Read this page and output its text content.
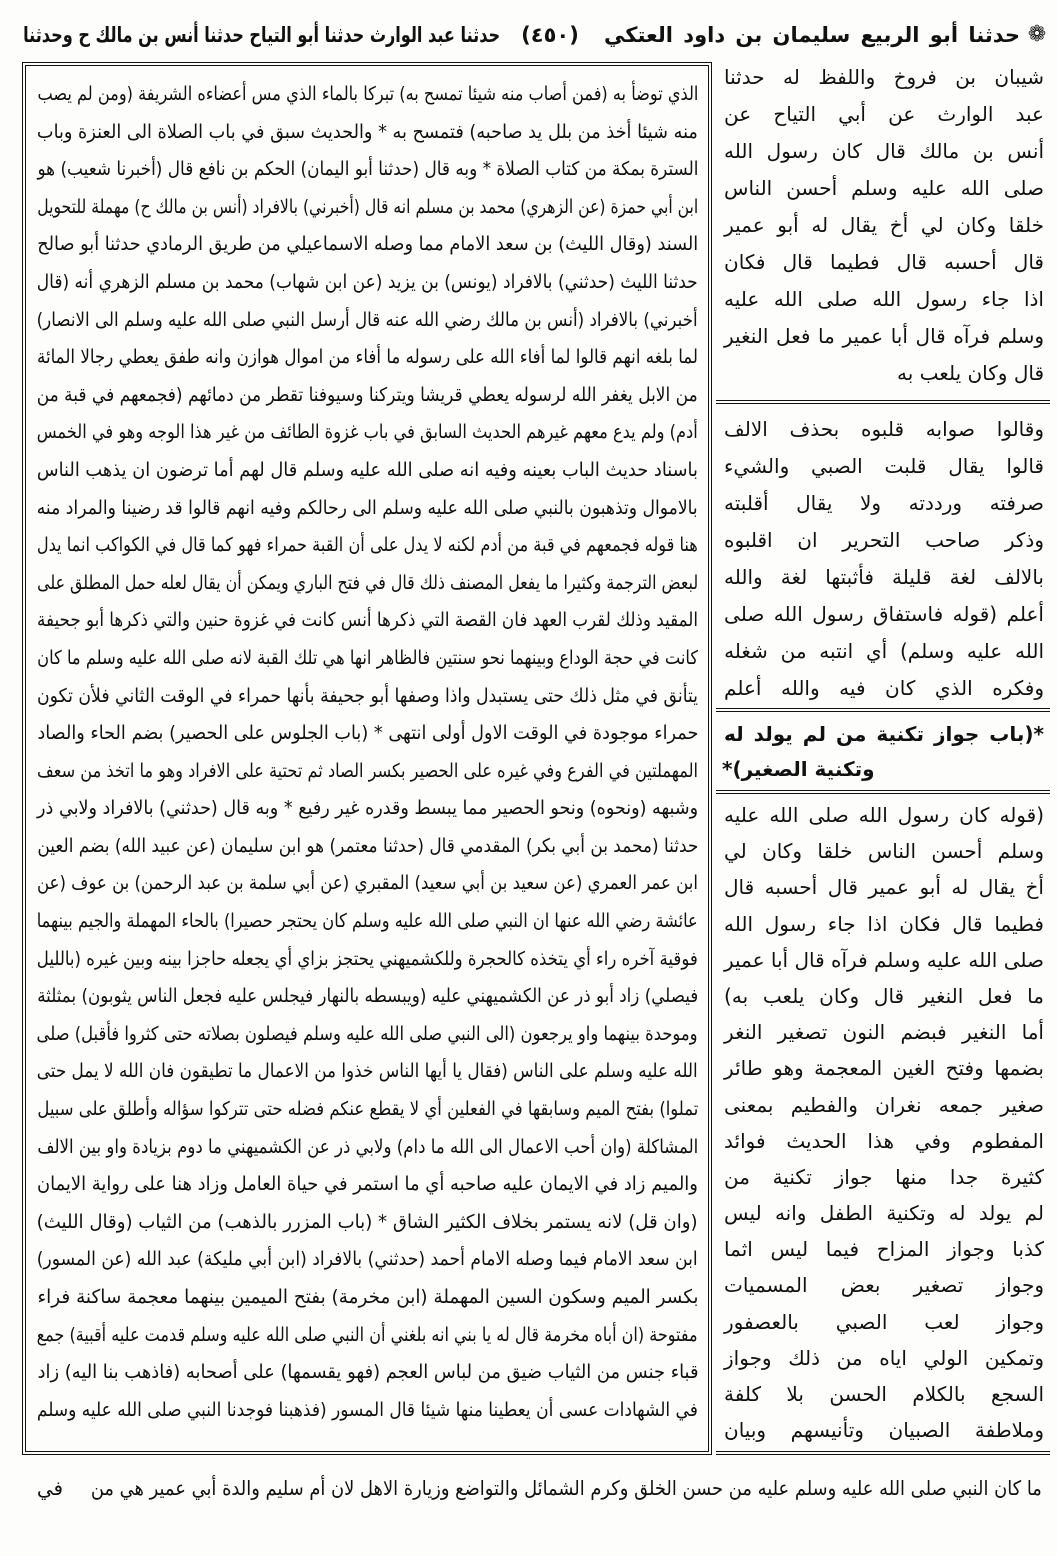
❁
حدثنا أبو الربيع سليمان بن داود العتكي
(٤٥٠)
حدثنا عبد الوارث حدثنا أبو التياح حدثنا أنس بن مالك ح وحدثنا
الذي توضأ به (فمن أصاب منه شيئا تمسح به) تبركا بالماء الذي مس أعضاءه الشريفة (ومن لم يصب
منه شيئا أخذ من بلل يد صاحبه) فتمسح به * والحديث سبق في باب الصلاة الى العنزة وباب
السترة بمكة من كتاب الصلاة * وبه قال (حدثنا أبو اليمان) الحكم بن نافع قال (أخبرنا شعيب) هو
ابن أبي حمزة (عن الزهري) محمد بن مسلم انه قال (أخبرني) بالافراد (أنس بن مالك ح) مهملة للتحويل
السند (وقال الليث) بن سعد الامام مما وصله الاسماعيلي من طريق الرمادي حدثنا أبو صالح
حدثنا الليث (حدثني) بالافراد (يونس) بن يزيد (عن ابن شهاب) محمد بن مسلم الزهري أنه (قال
أخبرني) بالافراد (أنس بن مالك رضي الله عنه قال أرسل النبي صلى الله عليه وسلم الى الانصار)
لما بلغه انهم قالوا لما أفاء الله على رسوله ما أفاء من اموال هوازن وانه طفق يعطي رجالا المائة
من الابل يغفر الله لرسوله يعطي قريشا ويتركنا وسيوفنا تقطر من دمائهم (فجمعهم في قبة من
أدم) ولم يدع معهم غيرهم الحديث السابق في باب غزوة الطائف من غير هذا الوجه وهو في الخمس
باسناد حديث الباب بعينه وفيه انه صلى الله عليه وسلم قال لهم أما ترضون ان يذهب الناس
بالاموال وتذهبون بالنبي صلى الله عليه وسلم الى رحالكم وفيه انهم قالوا قد رضينا والمراد منه
هنا قوله فجمعهم في قبة من أدم لكنه لا يدل على أن القبة حمراء فهو كما قال في الكواكب انما يدل
لبعض الترجمة وكثيرا ما يفعل المصنف ذلك قال في فتح الباري ويمكن أن يقال لعله حمل المطلق على
المقيد وذلك لقرب العهد فان القصة التي ذكرها أنس كانت في غزوة حنين والتي ذكرها أبو جحيفة
كانت في حجة الوداع وبينهما نحو سنتين فالظاهر انها هي تلك القبة لانه صلى الله عليه وسلم ما كان
يتأنق في مثل ذلك حتى يستبدل واذا وصفها أبو جحيفة بأنها حمراء في الوقت الثاني فلأن تكون
حمراء موجودة في الوقت الاول أولى انتهى * (باب الجلوس على الحصير) بضم الحاء والصاد
المهملتين في الفرع وفي غيره على الحصير بكسر الصاد ثم تحتية على الافراد وهو ما اتخذ من سعف
وشبهه (ونحوه) ونحو الحصير مما يبسط وقدره غير رفيع * وبه قال (حدثني) بالافراد ولابي ذر
حدثنا (محمد بن أبي بكر) المقدمي قال (حدثنا معتمر) هو ابن سليمان (عن عبيد الله) بضم العين
ابن عمر العمري (عن سعيد بن أبي سعيد) المقبري (عن أبي سلمة بن عبد الرحمن) بن عوف (عن
عائشة رضي الله عنها ان النبي صلى الله عليه وسلم كان يحتجر حصيرا) بالحاء المهملة والجيم بينهما
فوقية آخره راء أي يتخذه كالحجرة وللكشميهني يحتجز بزاي أي يجعله حاجزا بينه وبين غيره (بالليل
فيصلي) زاد أبو ذر عن الكشميهني عليه (ويبسطه بالنهار فيجلس عليه فجعل الناس يثوبون) بمثلثة
وموحدة بينهما واو يرجعون (الى النبي صلى الله عليه وسلم فيصلون بصلاته حتى كثروا فأقبل) صلى
الله عليه وسلم على الناس (فقال يا أيها الناس خذوا من الاعمال ما تطيقون فان الله لا يمل حتى
تملوا) بفتح الميم وسابقها في الفعلين أي لا يقطع عنكم فضله حتى تتركوا سؤاله وأطلق على سبيل
المشاكلة (وان أحب الاعمال الى الله ما دام) ولابي ذر عن الكشميهني ما دوم بزيادة واو بين الالف
والميم زاد في الايمان عليه صاحبه أي ما استمر في حياة العامل وزاد هنا على رواية الايمان
(وان قل) لانه يستمر بخلاف الكثير الشاق * (باب المزرر بالذهب) من الثياب (وقال الليث)
ابن سعد الامام فيما وصله الامام أحمد (حدثني) بالافراد (ابن أبي مليكة) عبد الله (عن المسور)
بكسر الميم وسكون السين المهملة (ابن مخرمة) بفتح الميمين بينهما معجمة ساكنة فراء
مفتوحة (ان أباه مخرمة قال له يا بني انه بلغني أن النبي صلى الله عليه وسلم قدمت عليه أقبية) جمع
قباء جنس من الثياب ضيق من لباس العجم (فهو يقسمها) على أصحابه (فاذهب بنا اليه) زاد
في الشهادات عسى أن يعطينا منها شيئا قال المسور (فذهبنا فوجدنا النبي صلى الله عليه وسلم
شيبان بن فروخ واللفظ له حدثنا
عبد الوارث عن أبي التياح عن
أنس بن مالك قال كان رسول الله
صلى الله عليه وسلم أحسن الناس
خلقا وكان لي أخ يقال له أبو عمير
قال أحسبه قال فطيما قال فكان
اذا جاء رسول الله صلى الله عليه
وسلم فرآه قال أبا عمير ما فعل النغير
قال وكان يلعب به
وقالوا صوابه قلبوه بحذف الالف
قالوا يقال قلبت الصبي والشيء
صرفته ورددته ولا يقال أقلبته
وذكر صاحب التحرير ان اقلبوه
بالالف لغة قليلة فأثبتها لغة والله
أعلم (قوله فاستفاق رسول الله صلى
الله عليه وسلم) أي انتبه من شغله
وفكره الذي كان فيه والله أعلم
*(باب جواز تكنية من لم يولد له
وتكنية الصغير)*
(قوله كان رسول الله صلى الله عليه
وسلم أحسن الناس خلقا وكان لي
أخ يقال له أبو عمير قال أحسبه قال
فطيما قال فكان اذا جاء رسول الله
صلى الله عليه وسلم فرآه قال أبا عمير
ما فعل النغير قال وكان يلعب به)
أما النغير فبضم النون تصغير النغر
بضمها وفتح الغين المعجمة وهو طائر
صغير جمعه نغران والفطيم بمعنى
المفطوم وفي هذا الحديث فوائد
كثيرة جدا منها جواز تكنية من
لم يولد له وتكنية الطفل وانه ليس
كذبا وجواز المزاح فيما ليس اثما
وجواز تصغير بعض المسميات
وجواز لعب الصبي بالعصفور
وتمكين الولي اياه من ذلك وجواز
السجع بالكلام الحسن بلا كلفة
وملاطفة الصبيان وتأنيسهم وبيان
ما كان النبي صلى الله عليه وسلم عليه من حسن الخلق وكرم الشمائل والتواضع وزيارة الاهل لان أم سليم والدة أبي عمير هي من
في
